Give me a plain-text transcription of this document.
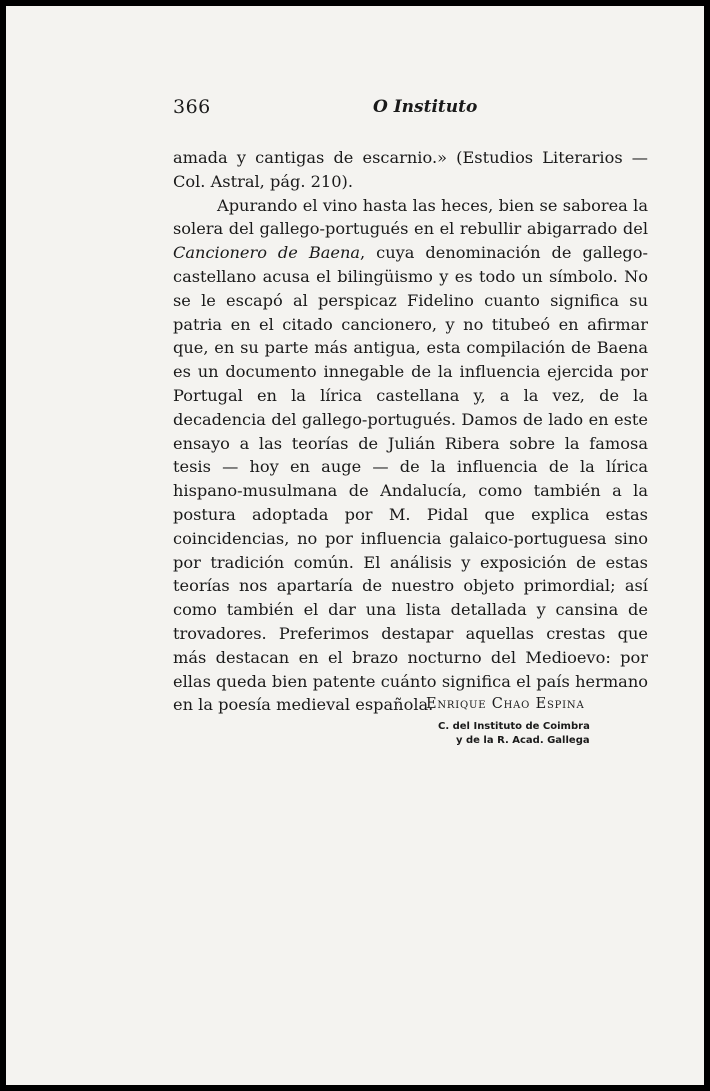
366	O Instituto

amada y cantigas de escarnio.» (Estudios Literarios — Col. Astral, pág. 210).

Apurando el vino hasta las heces, bien se saborea la solera del gallego-portugués en el rebullir abigarrado del Cancionero de Baena, cuya denominación de gallego-castellano acusa el bilingüismo y es todo un símbolo. No se le escapó al perspicaz Fidelino cuanto significa su patria en el citado cancionero, y no titubeó en afirmar que, en su parte más antigua, esta compilación de Baena es un documento innegable de la influencia ejercida por Portugal en la lírica castellana y, a la vez, de la decadencia del gallego-portugués. Damos de lado en este ensayo a las teorías de Julián Ribera sobre la famosa tesis — hoy en auge — de la influencia de la lírica hispano-musulmana de Andalucía, como también a la postura adoptada por M. Pidal que explica estas coincidencias, no por influencia galaico-portuguesa sino por tradición común. El análisis y exposición de estas teorías nos apartaría de nuestro objeto primordial; así como también el dar una lista detallada y cansina de trovadores. Preferimos destapar aquellas crestas que más destacan en el brazo nocturno del Medioevo: por ellas queda bien patente cuánto significa el país hermano en la poesía medieval española.

Enrique Chao Espina
C. del Instituto de Coimbra
y de la R. Acad. Gallega
